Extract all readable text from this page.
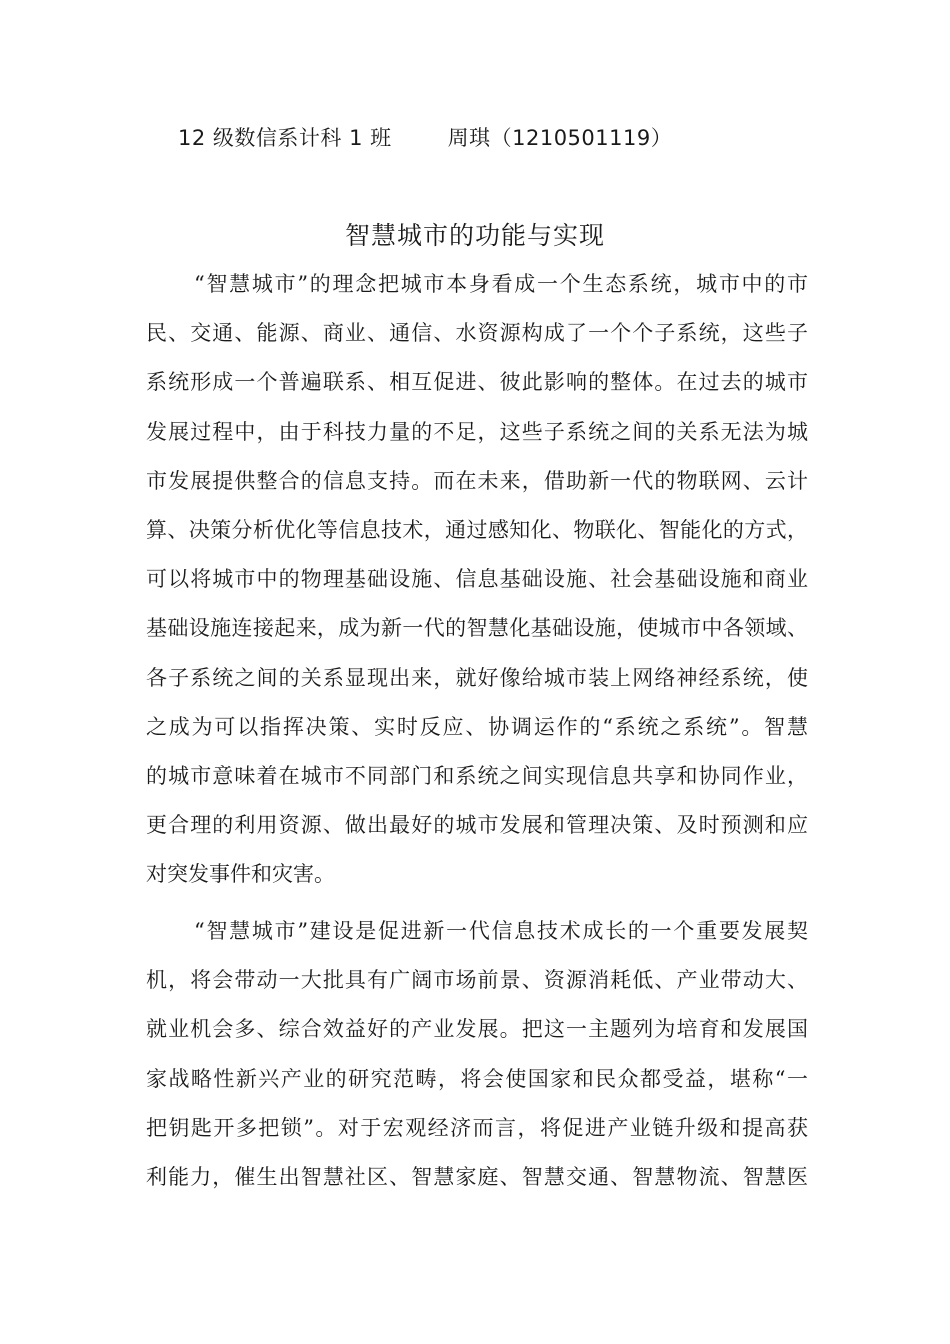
12 级数信系计科 1 班	周琪（1210501119）
智慧城市的功能与实现
“智慧城市”的理念把城市本身看成一个生态系统，城市中的市
民、交通、能源、商业、通信、水资源构成了一个个子系统，这些子
系统形成一个普遍联系、相互促进、彼此影响的整体。在过去的城市
发展过程中，由于科技力量的不足，这些子系统之间的关系无法为城
市发展提供整合的信息支持。而在未来，借助新一代的物联网、云计
算、决策分析优化等信息技术，通过感知化、物联化、智能化的方式，
可以将城市中的物理基础设施、信息基础设施、社会基础设施和商业
基础设施连接起来，成为新一代的智慧化基础设施，使城市中各领域、
各子系统之间的关系显现出来，就好像给城市装上网络神经系统，使
之成为可以指挥决策、实时反应、协调运作的“系统之系统”。智慧
的城市意味着在城市不同部门和系统之间实现信息共享和协同作业，
更合理的利用资源、做出最好的城市发展和管理决策、及时预测和应
对突发事件和灾害。
“智慧城市”建设是促进新一代信息技术成长的一个重要发展契
机，将会带动一大批具有广阔市场前景、资源消耗低、产业带动大、
就业机会多、综合效益好的产业发展。把这一主题列为培育和发展国
家战略性新兴产业的研究范畴，将会使国家和民众都受益，堪称“一
把钥匙开多把锁”。对于宏观经济而言，将促进产业链升级和提高获
利能力，催生出智慧社区、智慧家庭、智慧交通、智慧物流、智慧医
